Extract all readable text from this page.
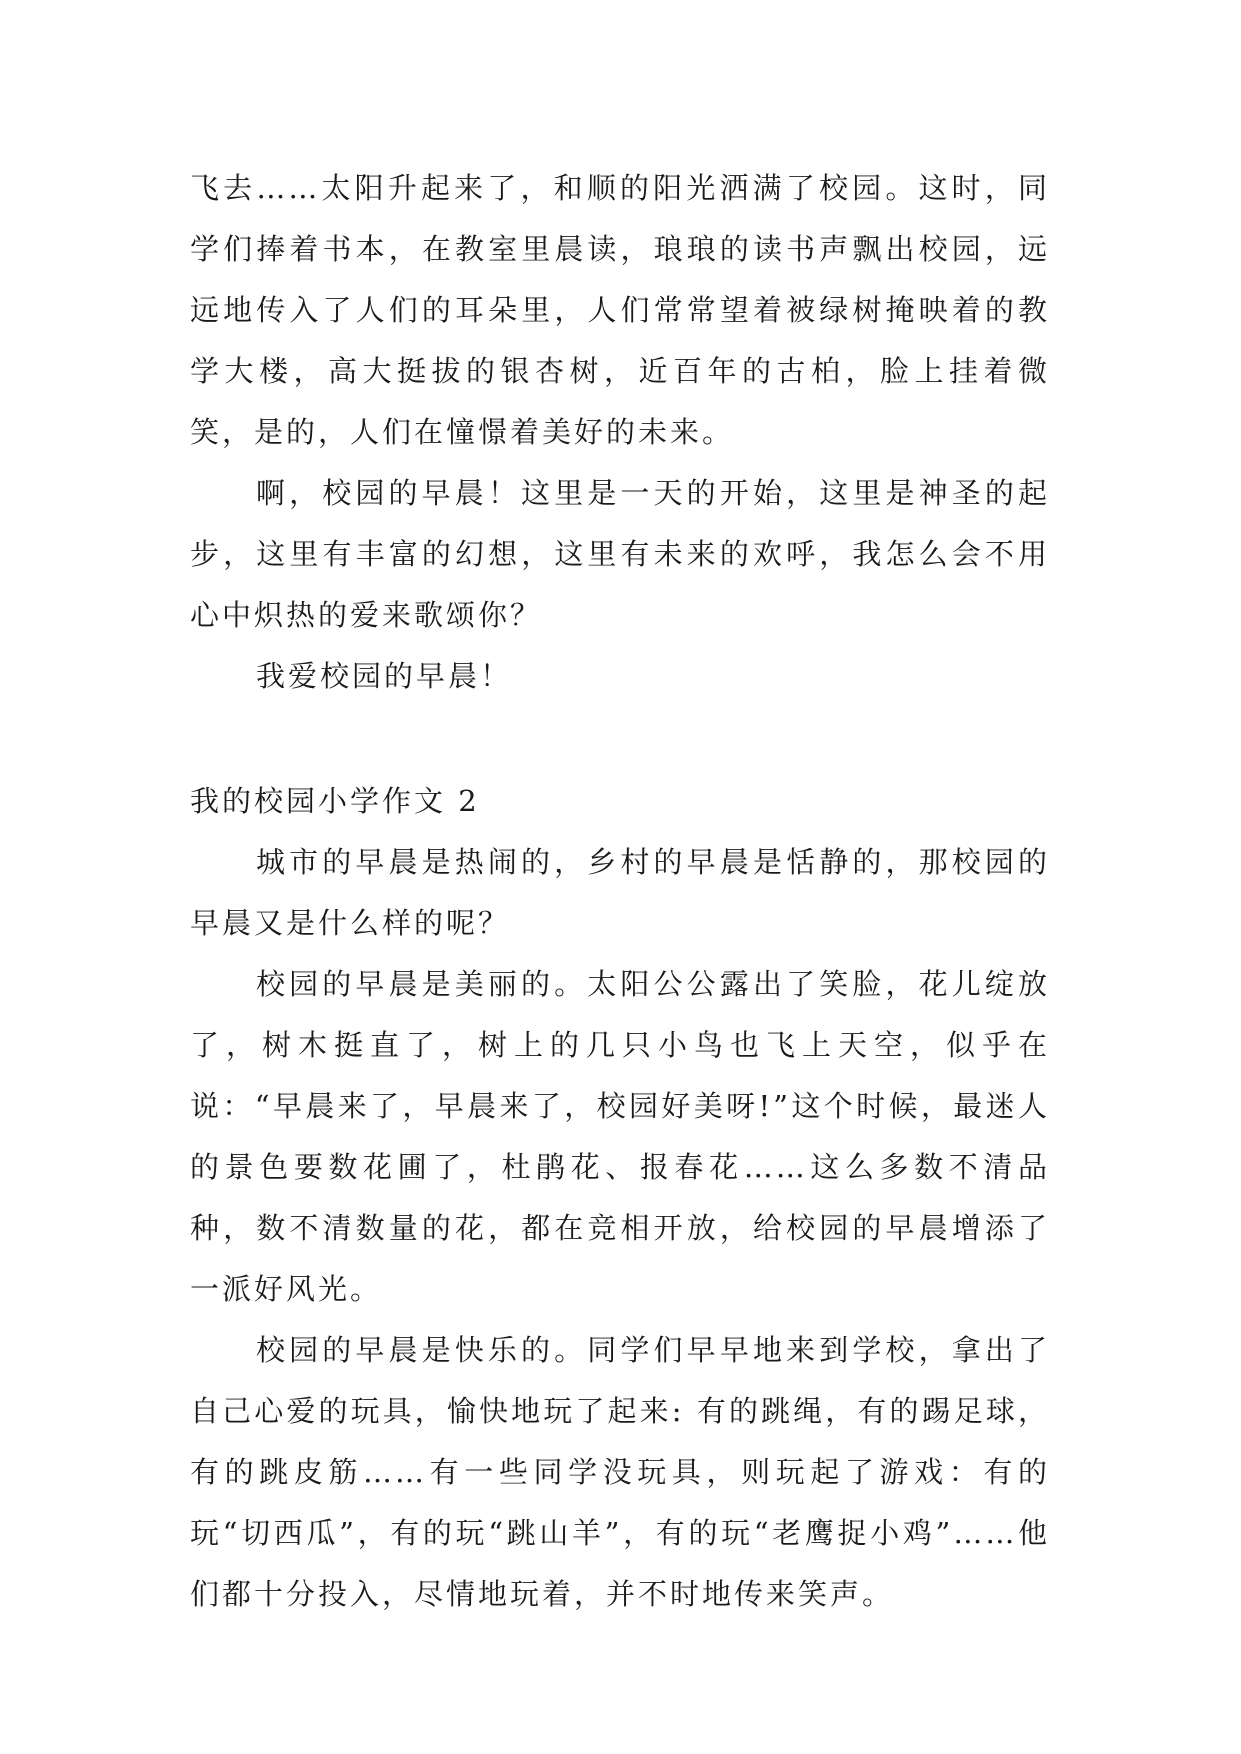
飞去……太阳升起来了，和顺的阳光洒满了校园。这时，同学们捧着书本，在教室里晨读，琅琅的读书声飘出校园，远远地传入了人们的耳朵里，人们常常望着被绿树掩映着的教学大楼，高大挺拔的银杏树，近百年的古柏，脸上挂着微笑，是的，人们在憧憬着美好的未来。

啊，校园的早晨！这里是一天的开始，这里是神圣的起步，这里有丰富的幻想，这里有未来的欢呼，我怎么会不用心中炽热的爱来歌颂你？

我爱校园的早晨！

我的校园小学作文 2

城市的早晨是热闹的，乡村的早晨是恬静的，那校园的早晨又是什么样的呢？

校园的早晨是美丽的。太阳公公露出了笑脸，花儿绽放了，树木挺直了，树上的几只小鸟也飞上天空，似乎在说：“早晨来了，早晨来了，校园好美呀!”这个时候，最迷人的景色要数花圃了，杜鹃花、报春花……这么多数不清品种，数不清数量的花，都在竞相开放，给校园的早晨增添了一派好风光。

校园的早晨是快乐的。同学们早早地来到学校，拿出了自己心爱的玩具，愉快地玩了起来: 有的跳绳，有的踢足球，有的跳皮筋……有一些同学没玩具，则玩起了游戏：有的玩“切西瓜”，有的玩“跳山羊”，有的玩“老鹰捉小鸡”……他们都十分投入，尽情地玩着，并不时地传来笑声。
